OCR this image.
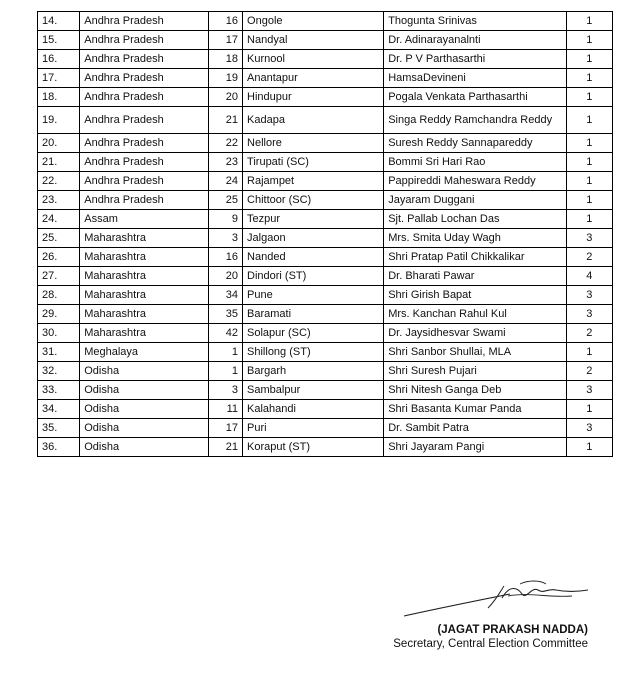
14.	Andhra Pradesh	16	Ongole	Thogunta Srinivas	1
15.	Andhra Pradesh	17	Nandyal	Dr. Adinarayanalnti	1
16.	Andhra Pradesh	18	Kurnool	Dr. P V Parthasarthi	1
17.	Andhra Pradesh	19	Anantapur	HamsaDevineni	1
18.	Andhra Pradesh	20	Hindupur	Pogala Venkata Parthasarthi	1
19.	Andhra Pradesh	21	Kadapa	Singa Reddy Ramchandra Reddy	1
20.	Andhra Pradesh	22	Nellore	Suresh Reddy Sannapareddy	1
21.	Andhra Pradesh	23	Tirupati (SC)	Bommi Sri Hari Rao	1
22.	Andhra Pradesh	24	Rajampet	Pappireddi Maheswara Reddy	1
23.	Andhra Pradesh	25	Chittoor (SC)	Jayaram Duggani	1
24.	Assam	9	Tezpur	Sjt. Pallab Lochan Das	1
25.	Maharashtra	3	Jalgaon	Mrs. Smita Uday Wagh	3
26.	Maharashtra	16	Nanded	Shri Pratap Patil Chikkalikar	2
27.	Maharashtra	20	Dindori (ST)	Dr. Bharati Pawar	4
28.	Maharashtra	34	Pune	Shri Girish Bapat	3
29.	Maharashtra	35	Baramati	Mrs. Kanchan Rahul Kul	3
30.	Maharashtra	42	Solapur (SC)	Dr. Jaysidhesvar Swami	2
31.	Meghalaya	1	Shillong (ST)	Shri Sanbor Shullai, MLA	1
32.	Odisha	1	Bargarh	Shri Suresh Pujari	2
33.	Odisha	3	Sambalpur	Shri Nitesh Ganga Deb	3
34.	Odisha	11	Kalahandi	Shri Basanta Kumar Panda	1
35.	Odisha	17	Puri	Dr. Sambit Patra	3
36.	Odisha	21	Koraput (ST)	Shri Jayaram Pangi	1
(JAGAT PRAKASH NADDA)
Secretary, Central Election Committee
